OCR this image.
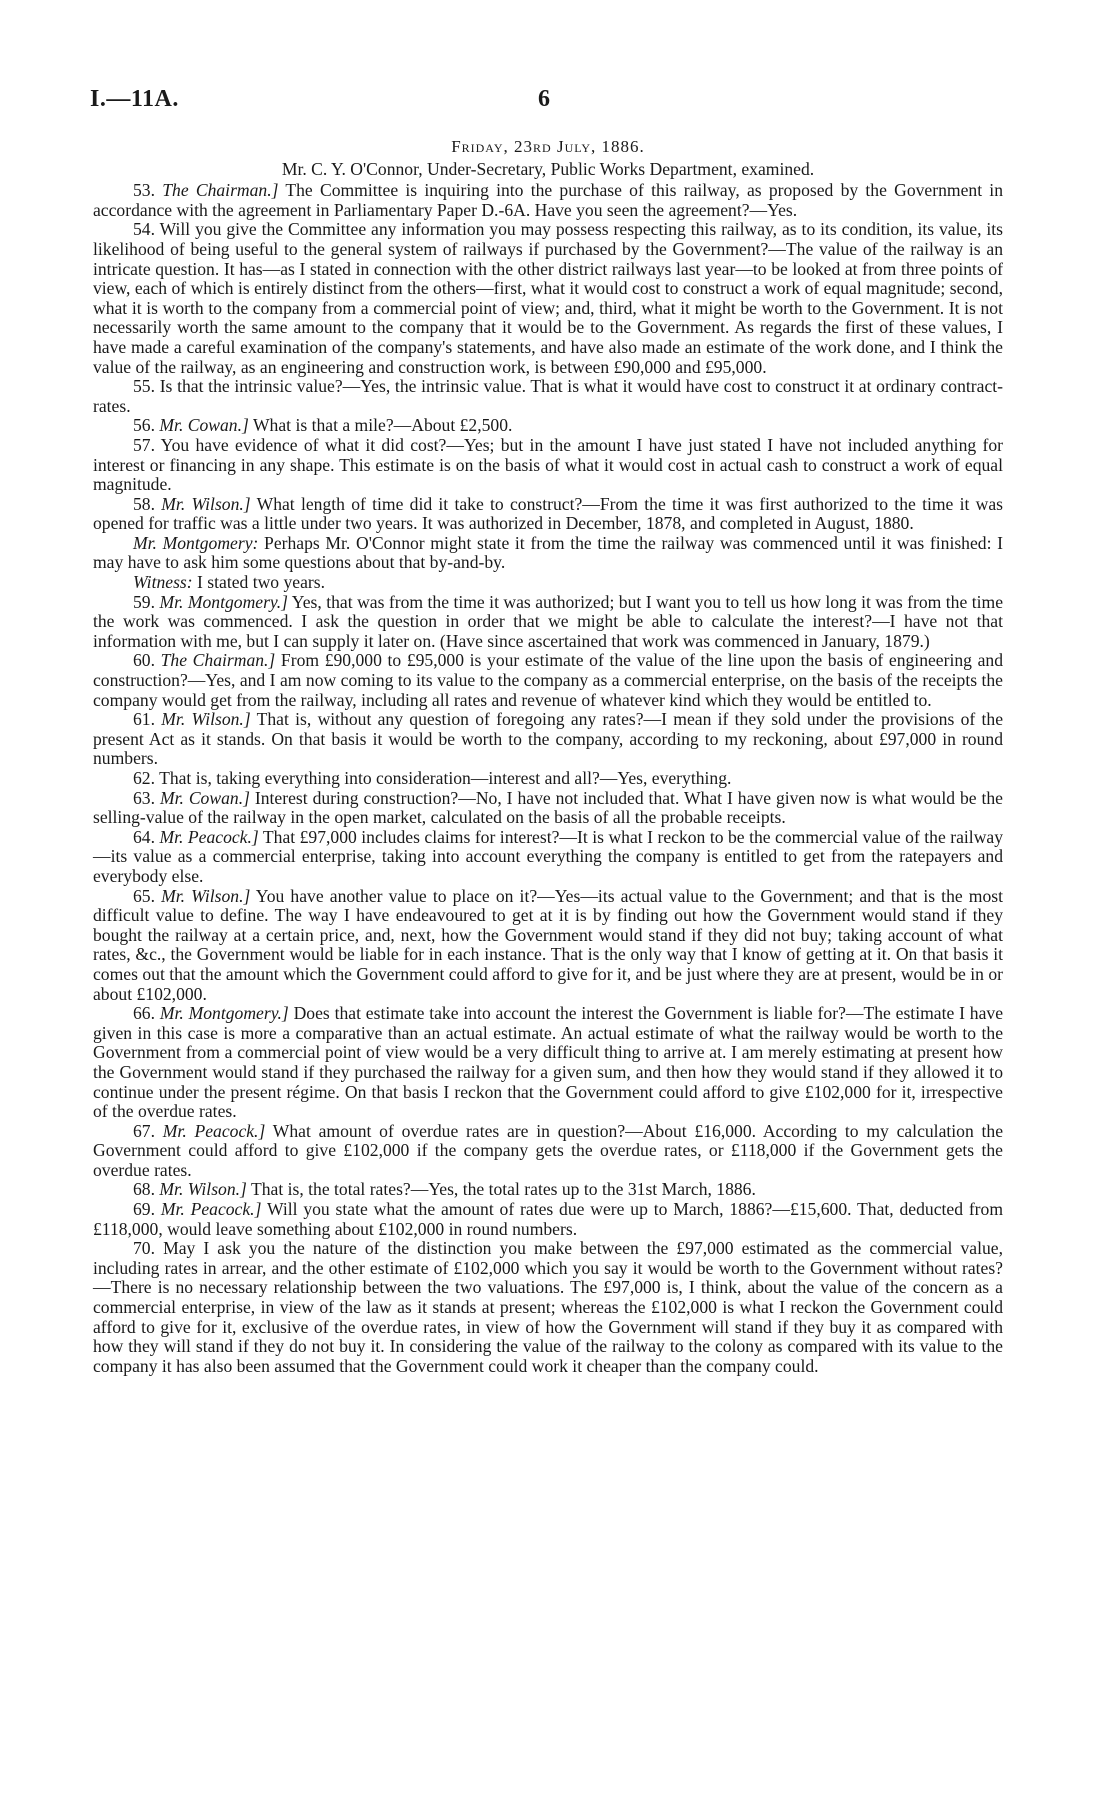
I.—11A.	6
Friday, 23rd July, 1886.
Mr. C. Y. O'Connor, Under-Secretary, Public Works Department, examined.

53. The Chairman.] The Committee is inquiring into the purchase of this railway, as proposed by the Government in accordance with the agreement in Parliamentary Paper D.-6A. Have you seen the agreement?—Yes.

54. Will you give the Committee any information you may possess respecting this railway, as to its condition, its value, its likelihood of being useful to the general system of railways if purchased by the Government?—The value of the railway is an intricate question. It has—as I stated in connection with the other district railways last year—to be looked at from three points of view, each of which is entirely distinct from the others—first, what it would cost to construct a work of equal magnitude; second, what it is worth to the company from a commercial point of view; and, third, what it might be worth to the Government. It is not necessarily worth the same amount to the company that it would be to the Government. As regards the first of these values, I have made a careful examination of the company's statements, and have also made an estimate of the work done, and I think the value of the railway, as an engineering and construction work, is between £90,000 and £95,000.

55. Is that the intrinsic value?—Yes, the intrinsic value. That is what it would have cost to construct it at ordinary contract-rates.

56. Mr. Cowan.] What is that a mile?—About £2,500.

57. You have evidence of what it did cost?—Yes; but in the amount I have just stated I have not included anything for interest or financing in any shape. This estimate is on the basis of what it would cost in actual cash to construct a work of equal magnitude.

58. Mr. Wilson.] What length of time did it take to construct?—From the time it was first authorized to the time it was opened for traffic was a little under two years. It was authorized in December, 1878, and completed in August, 1880.

Mr. Montgomery: Perhaps Mr. O'Connor might state it from the time the railway was commenced until it was finished: I may have to ask him some questions about that by-and-by.

Witness: I stated two years.

59. Mr. Montgomery.] Yes, that was from the time it was authorized; but I want you to tell us how long it was from the time the work was commenced. I ask the question in order that we might be able to calculate the interest?—I have not that information with me, but I can supply it later on. (Have since ascertained that work was commenced in January, 1879.)

60. The Chairman.] From £90,000 to £95,000 is your estimate of the value of the line upon the basis of engineering and construction?—Yes, and I am now coming to its value to the company as a commercial enterprise, on the basis of the receipts the company would get from the railway, including all rates and revenue of whatever kind which they would be entitled to.

61. Mr. Wilson.] That is, without any question of foregoing any rates?—I mean if they sold under the provisions of the present Act as it stands. On that basis it would be worth to the company, according to my reckoning, about £97,000 in round numbers.

62. That is, taking everything into consideration—interest and all?—Yes, everything.

63. Mr. Cowan.] Interest during construction?—No, I have not included that. What I have given now is what would be the selling-value of the railway in the open market, calculated on the basis of all the probable receipts.

64. Mr. Peacock.] That £97,000 includes claims for interest?—It is what I reckon to be the commercial value of the railway—its value as a commercial enterprise, taking into account everything the company is entitled to get from the ratepayers and everybody else.

65. Mr. Wilson.] You have another value to place on it?—Yes—its actual value to the Government; and that is the most difficult value to define. The way I have endeavoured to get at it is by finding out how the Government would stand if they bought the railway at a certain price, and, next, how the Government would stand if they did not buy; taking account of what rates, &c., the Government would be liable for in each instance. That is the only way that I know of getting at it. On that basis it comes out that the amount which the Government could afford to give for it, and be just where they are at present, would be in or about £102,000.

66. Mr. Montgomery.] Does that estimate take into account the interest the Government is liable for?—The estimate I have given in this case is more a comparative than an actual estimate. An actual estimate of what the railway would be worth to the Government from a commercial point of view would be a very difficult thing to arrive at. I am merely estimating at present how the Government would stand if they purchased the railway for a given sum, and then how they would stand if they allowed it to continue under the present régime. On that basis I reckon that the Government could afford to give £102,000 for it, irrespective of the overdue rates.

67. Mr. Peacock.] What amount of overdue rates are in question?—About £16,000. According to my calculation the Government could afford to give £102,000 if the company gets the overdue rates, or £118,000 if the Government gets the overdue rates.

68. Mr. Wilson.] That is, the total rates?—Yes, the total rates up to the 31st March, 1886.

69. Mr. Peacock.] Will you state what the amount of rates due were up to March, 1886?—£15,600. That, deducted from £118,000, would leave something about £102,000 in round numbers.

70. May I ask you the nature of the distinction you make between the £97,000 estimated as the commercial value, including rates in arrear, and the other estimate of £102,000 which you say it would be worth to the Government without rates?—There is no necessary relationship between the two valuations. The £97,000 is, I think, about the value of the concern as a commercial enterprise, in view of the law as it stands at present; whereas the £102,000 is what I reckon the Government could afford to give for it, exclusive of the overdue rates, in view of how the Government will stand if they buy it as compared with how they will stand if they do not buy it. In considering the value of the railway to the colony as compared with its value to the company it has also been assumed that the Government could work it cheaper than the company could.
